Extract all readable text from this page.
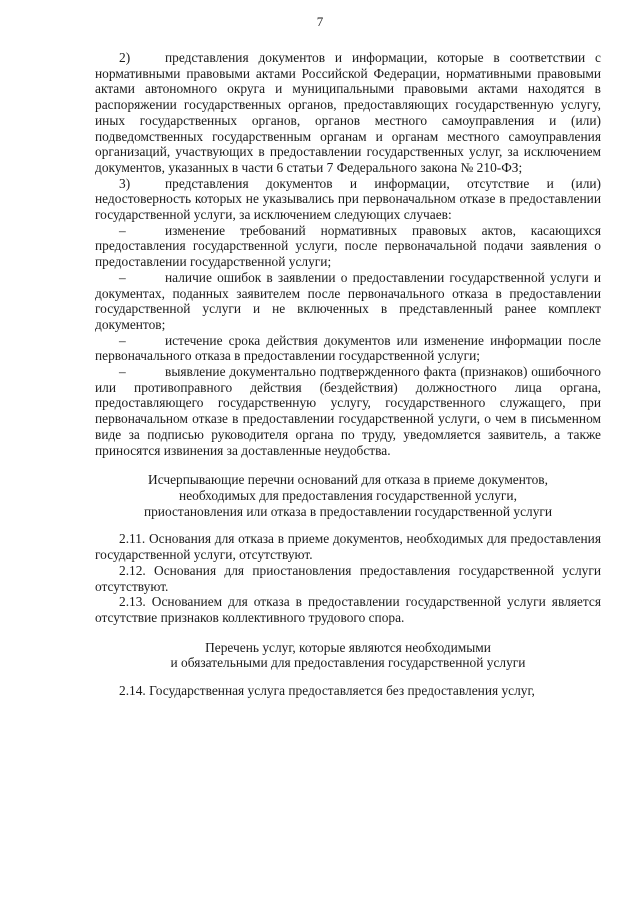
7

2)	представления документов и информации, которые в соответствии с нормативными правовыми актами Российской Федерации, нормативными правовыми актами автономного округа и муниципальными правовыми актами находятся в распоряжении государственных органов, предоставляющих государственную услугу, иных государственных органов, органов местного самоуправления и (или) подведомственных государственным органам и органам местного самоуправления организаций, участвующих в предоставлении государственных услуг, за исключением документов, указанных в части 6 статьи 7 Федерального закона № 210-ФЗ;

3)	представления документов и информации, отсутствие и (или) недостоверность которых не указывались при первоначальном отказе в предоставлении государственной услуги, за исключением следующих случаев:

–	изменение требований нормативных правовых актов, касающихся предоставления государственной услуги, после первоначальной подачи заявления о предоставлении государственной услуги;

–	наличие ошибок в заявлении о предоставлении государственной услуги и документах, поданных заявителем после первоначального отказа в предоставлении государственной услуги и не включенных в представленный ранее комплект документов;

–	истечение срока действия документов или изменение информации после первоначального отказа в предоставлении государственной услуги;

–	выявление документально подтвержденного факта (признаков) ошибочного или противоправного действия (бездействия) должностного лица органа, предоставляющего государственную услугу, государственного служащего, при первоначальном отказе в предоставлении государственной услуги, о чем в письменном виде за подписью руководителя органа по труду, уведомляется заявитель, а также приносятся извинения за доставленные неудобства.

Исчерпывающие перечни оснований для отказа в приеме документов,

необходимых для предоставления государственной услуги,

приостановления или отказа в предоставлении государственной услуги

2.11. Основания для отказа в приеме документов, необходимых для предоставления государственной услуги, отсутствуют.

2.12. Основания для приостановления предоставления государственной услуги отсутствуют.

2.13. Основанием для отказа в предоставлении государственной услуги является отсутствие признаков коллективного трудового спора.

Перечень услуг, которые являются необходимыми

и обязательными для предоставления государственной услуги

2.14. Государственная услуга предоставляется без предоставления услуг,
